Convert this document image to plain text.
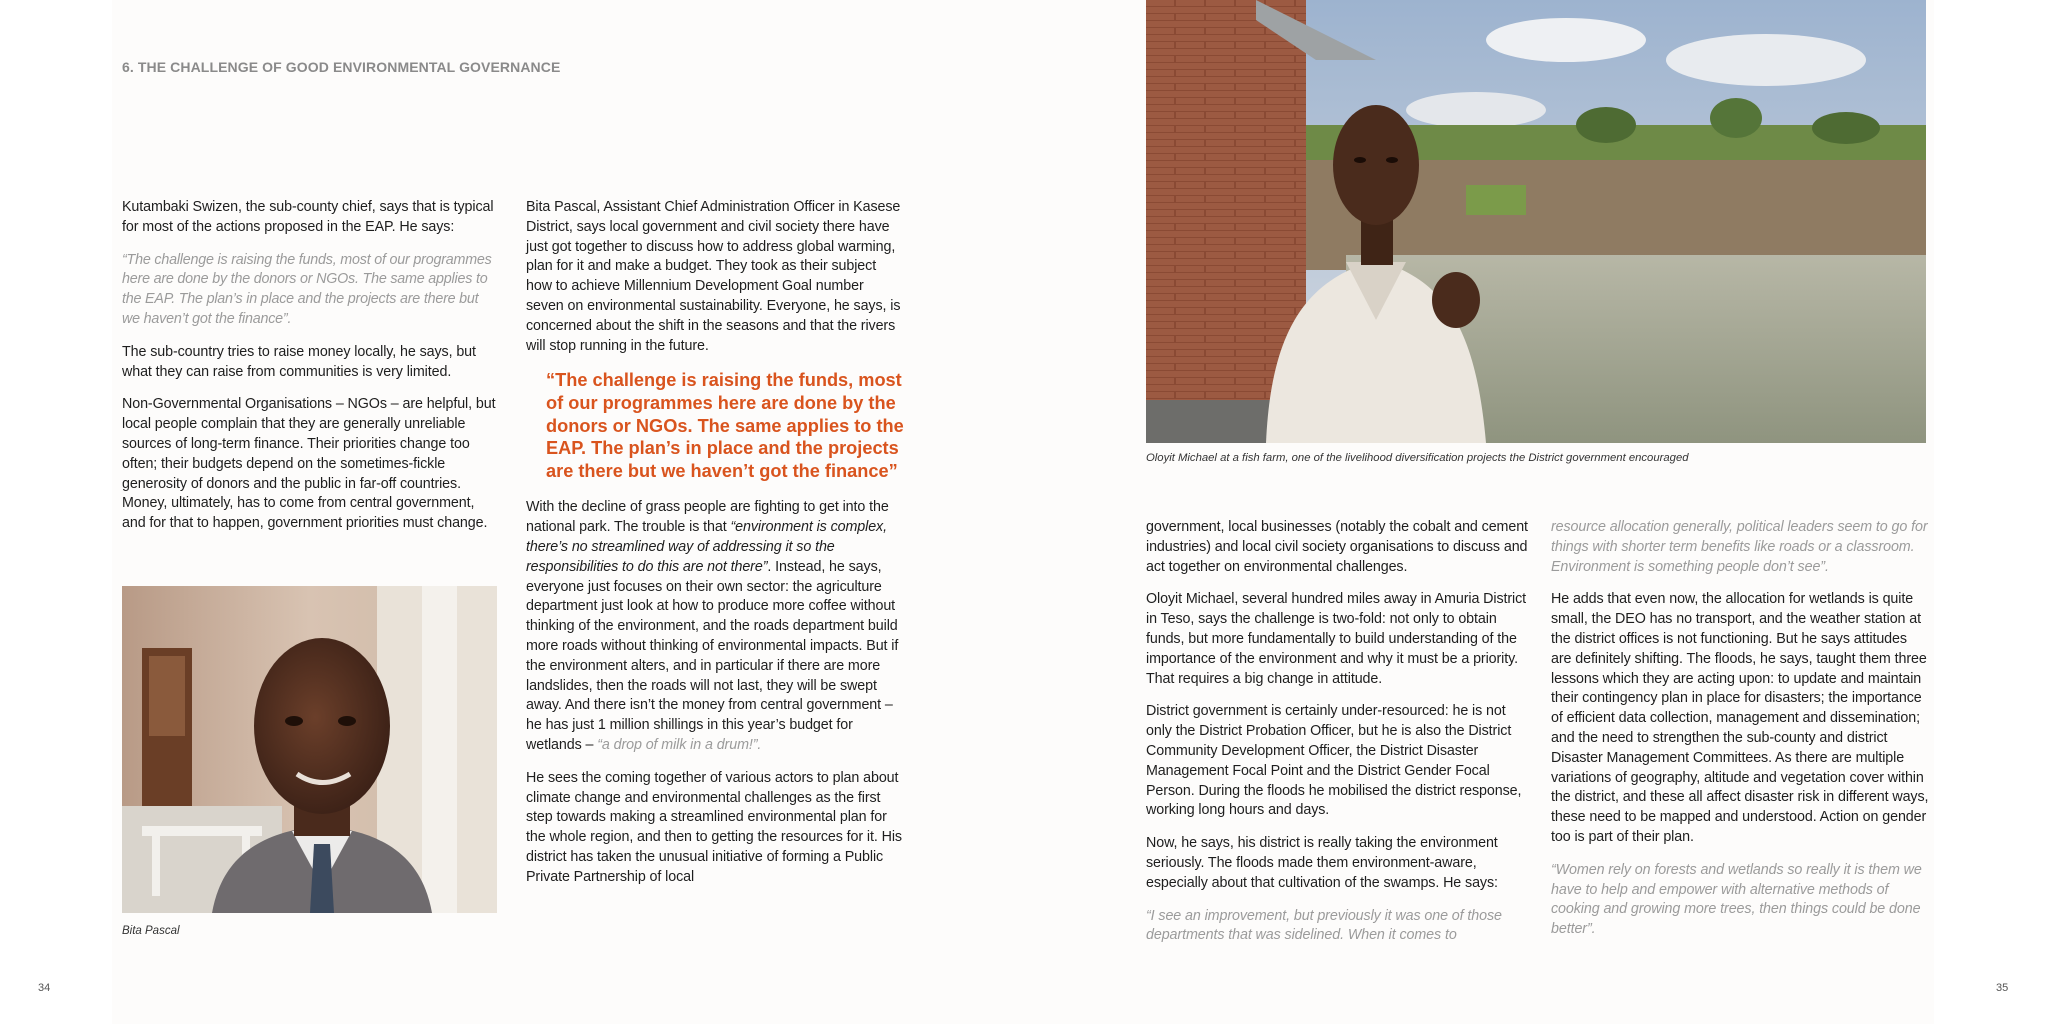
6. THE CHALLENGE OF GOOD ENVIRONMENTAL GOVERNANCE

Kutambaki Swizen, the sub-county chief, says that is typical for most of the actions proposed in the EAP. He says:

“The challenge is raising the funds, most of our programmes here are done by the donors or NGOs. The same applies to the EAP. The plan’s in place and the projects are there but we haven’t got the finance”.

The sub-country tries to raise money locally, he says, but what they can raise from communities is very limited.

Non-Governmental Organisations – NGOs – are helpful, but local people complain that they are generally unreliable sources of long-term finance. Their priorities change too often; their budgets depend on the sometimes-fickle generosity of donors and the public in far-off countries. Money, ultimately, has to come from central government, and for that to happen, government priorities must change.

Bita Pascal

Bita Pascal, Assistant Chief Administration Officer in Kasese District, says local government and civil society there have just got together to discuss how to address global warming, plan for it and make a budget. They took as their subject how to achieve Millennium Development Goal number seven on environmental sustainability. Everyone, he says, is concerned about the shift in the seasons and that the rivers will stop running in the future.

“The challenge is raising the funds, most of our programmes here are done by the donors or NGOs. The same applies to the EAP. The plan’s in place and the projects are there but we haven’t got the finance”

With the decline of grass people are fighting to get into the national park. The trouble is that “environment is complex, there’s no streamlined way of addressing it so the responsibilities to do this are not there”. Instead, he says, everyone just focuses on their own sector: the agriculture department just look at how to produce more coffee without thinking of the environment, and the roads department build more roads without thinking of environmental impacts. But if the environment alters, and in particular if there are more landslides, then the roads will not last, they will be swept away. And there isn’t the money from central government – he has just 1 million shillings in this year’s budget for wetlands – “a drop of milk in a drum!”.

He sees the coming together of various actors to plan about climate change and environmental challenges as the first step towards making a streamlined environmental plan for the whole region, and then to getting the resources for it. His district has taken the unusual initiative of forming a Public Private Partnership of local

Oloyit Michael at a fish farm, one of the livelihood diversification projects the District government encouraged

government, local businesses (notably the cobalt and cement industries) and local civil society organisations to discuss and act together on environmental challenges.

Oloyit Michael, several hundred miles away in Amuria District in Teso, says the challenge is two-fold: not only to obtain funds, but more fundamentally to build understanding of the importance of the environment and why it must be a priority. That requires a big change in attitude.

District government is certainly under-resourced: he is not only the District Probation Officer, but he is also the District Community Development Officer, the District Disaster Management Focal Point and the District Gender Focal Person. During the floods he mobilised the district response, working long hours and days.

Now, he says, his district is really taking the environment seriously. The floods made them environment-aware, especially about that cultivation of the swamps. He says:

“I see an improvement, but previously it was one of those departments that was sidelined. When it comes to

resource allocation generally, political leaders seem to go for things with shorter term benefits like roads or a classroom. Environment is something people don’t see”.

He adds that even now, the allocation for wetlands is quite small, the DEO has no transport, and the weather station at the district offices is not functioning. But he says attitudes are definitely shifting. The floods, he says, taught them three lessons which they are acting upon: to update and maintain their contingency plan in place for disasters; the importance of efficient data collection, management and dissemination; and the need to strengthen the sub-county and district Disaster Management Committees. As there are multiple variations of geography, altitude and vegetation cover within the district, and these all affect disaster risk in different ways, these need to be mapped and understood. Action on gender too is part of their plan.

“Women rely on forests and wetlands so really it is them we have to help and empower with alternative methods of cooking and growing more trees, then things could be done better”.

34	35
